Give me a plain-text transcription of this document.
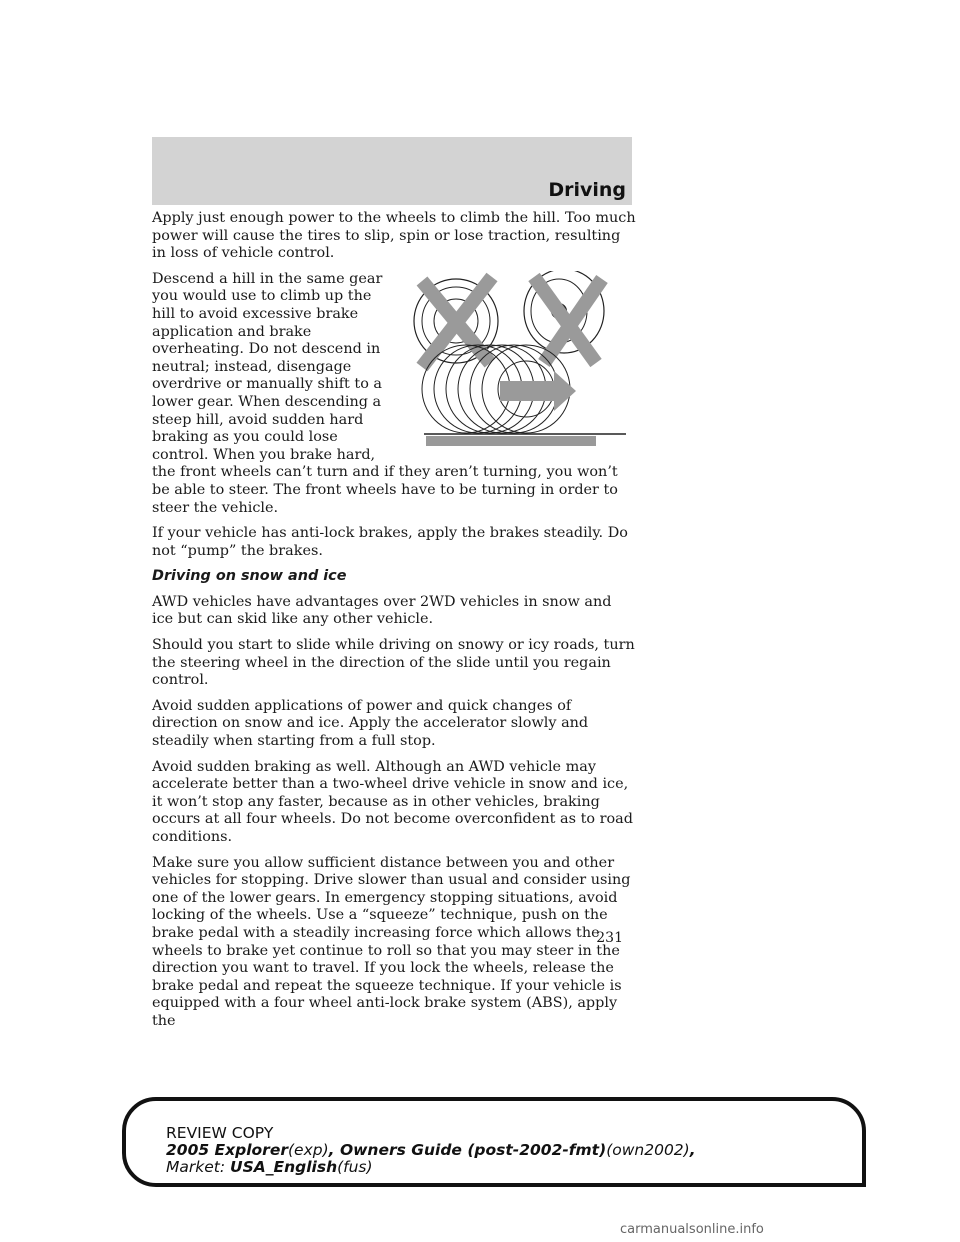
Driving

Apply just enough power to the wheels to climb the hill. Too much power will cause the tires to slip, spin or lose traction, resulting in loss of vehicle control.

Descend a hill in the same gear you would use to climb up the hill to avoid excessive brake application and brake overheating. Do not descend in neutral; instead, disengage overdrive or manually shift to a lower gear. When descending a steep hill, avoid sudden hard braking as you could lose control. When you brake hard, the front wheels can’t turn and if they aren’t turning, you won’t be able to steer. The front wheels have to be turning in order to steer the vehicle.

If your vehicle has anti-lock brakes, apply the brakes steadily. Do not “pump” the brakes.

Driving on snow and ice

AWD vehicles have advantages over 2WD vehicles in snow and ice but can skid like any other vehicle.

Should you start to slide while driving on snowy or icy roads, turn the steering wheel in the direction of the slide until you regain control.

Avoid sudden applications of power and quick changes of direction on snow and ice. Apply the accelerator slowly and steadily when starting from a full stop.

Avoid sudden braking as well. Although an AWD vehicle may accelerate better than a two-wheel drive vehicle in snow and ice, it won’t stop any faster, because as in other vehicles, braking occurs at all four wheels. Do not become overconfident as to road conditions.

Make sure you allow sufficient distance between you and other vehicles for stopping. Drive slower than usual and consider using one of the lower gears. In emergency stopping situations, avoid locking of the wheels. Use a “squeeze” technique, push on the brake pedal with a steadily increasing force which allows the wheels to brake yet continue to roll so that you may steer in the direction you want to travel. If you lock the wheels, release the brake pedal and repeat the squeeze technique. If your vehicle is equipped with a four wheel anti-lock brake system (ABS), apply the

231
REVIEW COPY
2005 Explorer(exp), Owners Guide (post-2002-fmt)(own2002),
Market: USA_English(fus)
carmanualsonline.info
